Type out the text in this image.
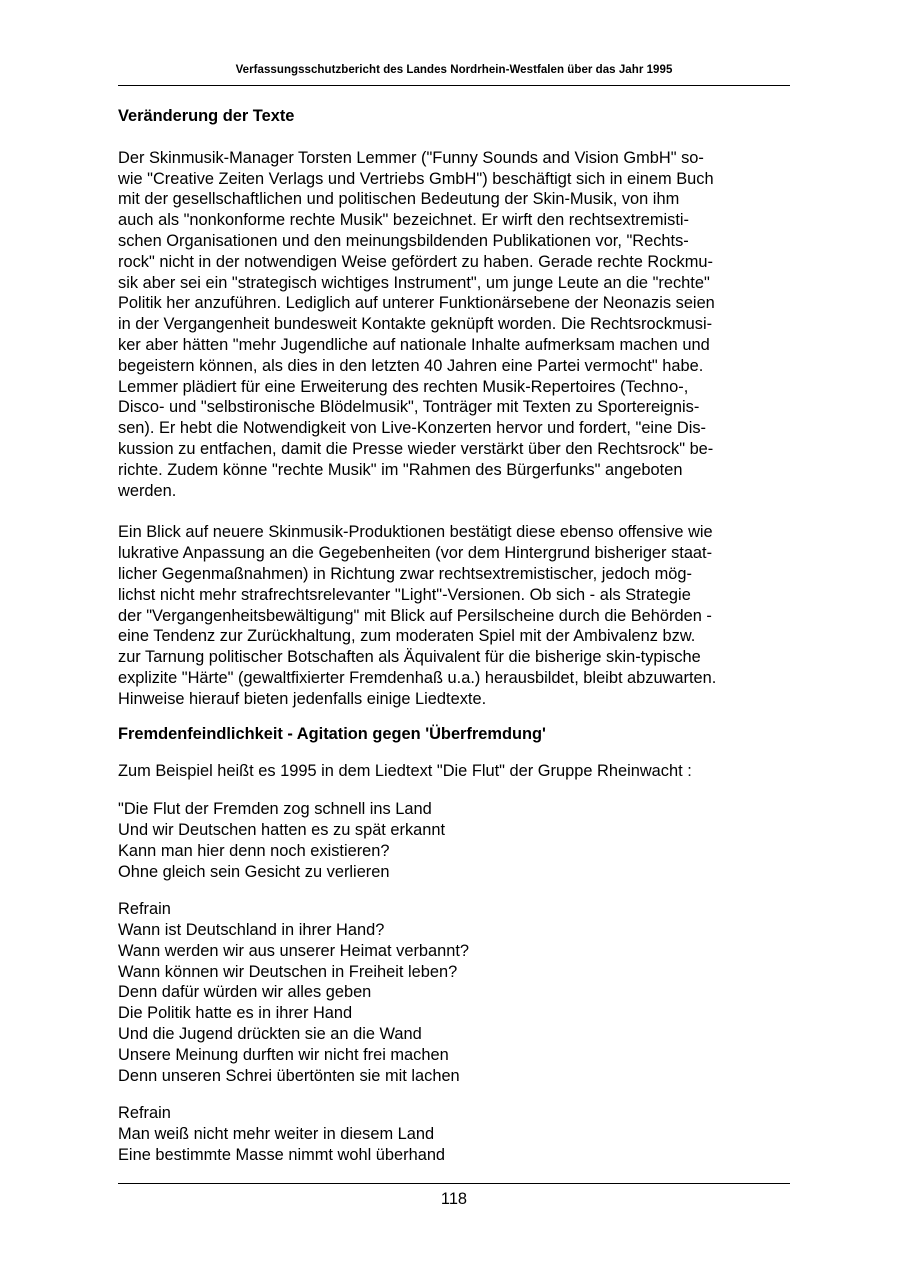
Verfassungsschutzbericht des Landes Nordrhein-Westfalen über das Jahr 1995
Veränderung der Texte

Der Skinmusik-Manager Torsten Lemmer ("Funny Sounds and Vision GmbH" so-
wie "Creative Zeiten Verlags und Vertriebs GmbH") beschäftigt sich in einem Buch
mit der gesellschaftlichen und politischen Bedeutung der Skin-Musik, von ihm
auch als "nonkonforme rechte Musik" bezeichnet. Er wirft den rechtsextremisti-
schen Organisationen und den meinungsbildenden Publikationen vor, "Rechts-
rock" nicht in der notwendigen Weise gefördert zu haben. Gerade rechte Rockmu-
sik aber sei ein "strategisch wichtiges Instrument", um junge Leute an die "rechte"
Politik her anzuführen. Lediglich auf unterer Funktionärsebene der Neonazis seien
in der Vergangenheit bundesweit Kontakte geknüpft worden. Die Rechtsrockmusi-
ker aber hätten "mehr Jugendliche auf nationale Inhalte aufmerksam machen und
begeistern können, als dies in den letzten 40 Jahren eine Partei vermocht" habe.
Lemmer plädiert für eine Erweiterung des rechten Musik-Repertoires (Techno-,
Disco- und "selbstironische Blödelmusik", Tonträger mit Texten zu Sportereignis-
sen). Er hebt die Notwendigkeit von Live-Konzerten hervor und fordert, "eine Dis-
kussion zu entfachen, damit die Presse wieder verstärkt über den Rechtsrock" be-
richte. Zudem könne "rechte Musik" im "Rahmen des Bürgerfunks" angeboten
werden.

Ein Blick auf neuere Skinmusik-Produktionen bestätigt diese ebenso offensive wie
lukrative Anpassung an die Gegebenheiten (vor dem Hintergrund bisheriger staat-
licher Gegenmaßnahmen) in Richtung zwar rechtsextremistischer, jedoch mög-
lichst nicht mehr strafrechtsrelevanter "Light"-Versionen. Ob sich - als Strategie
der "Vergangenheitsbewältigung" mit Blick auf Persilscheine durch die Behörden -
eine Tendenz zur Zurückhaltung, zum moderaten Spiel mit der Ambivalenz bzw.
zur Tarnung politischer Botschaften als Äquivalent für die bisherige skin-typische
explizite "Härte" (gewaltfixierter Fremdenhaß u.a.) herausbildet, bleibt abzuwarten.
Hinweise hierauf bieten jedenfalls einige Liedtexte.

Fremdenfeindlichkeit - Agitation gegen 'Überfremdung'

Zum Beispiel heißt es 1995 in dem Liedtext "Die Flut" der Gruppe Rheinwacht :

"Die Flut der Fremden zog schnell ins Land
Und wir Deutschen hatten es zu spät erkannt
Kann man hier denn noch existieren?
Ohne gleich sein Gesicht zu verlieren

Refrain
Wann ist Deutschland in ihrer Hand?
Wann werden wir aus unserer Heimat verbannt?
Wann können wir Deutschen in Freiheit leben?
Denn dafür würden wir alles geben
Die Politik hatte es in ihrer Hand
Und die Jugend drückten sie an die Wand
Unsere Meinung durften wir nicht frei machen
Denn unseren Schrei übertönten sie mit lachen

Refrain
Man weiß nicht mehr weiter in diesem Land
Eine bestimmte Masse nimmt wohl überhand

118
